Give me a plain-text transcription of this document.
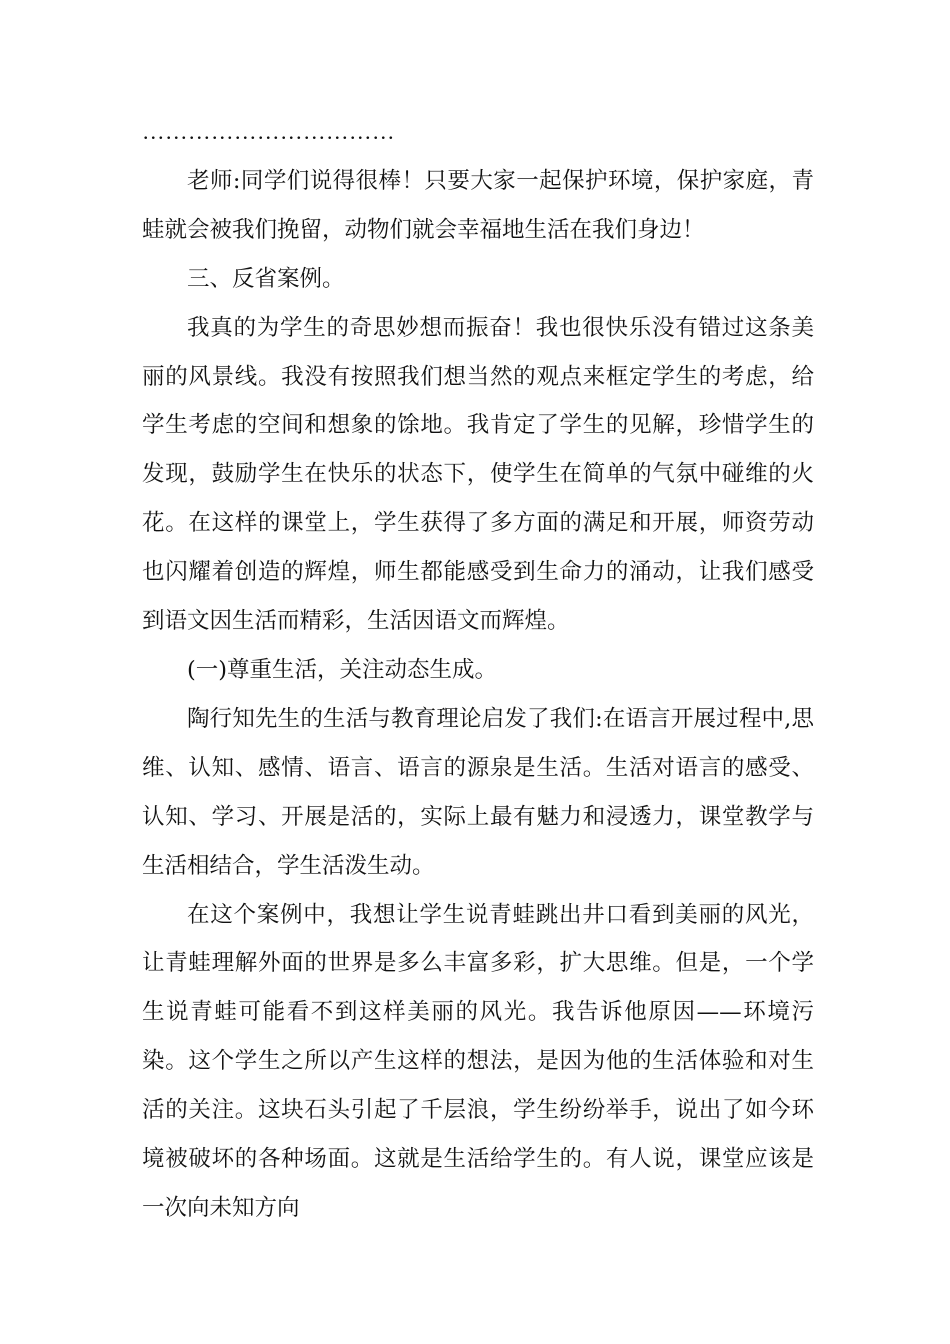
……………………………

老师:同学们说得很棒！只要大家一起保护环境，保护家庭，青蛙就会被我们挽留，动物们就会幸福地生活在我们身边！

三、反省案例。

我真的为学生的奇思妙想而振奋！我也很快乐没有错过这条美丽的风景线。我没有按照我们想当然的观点来框定学生的考虑，给学生考虑的空间和想象的馀地。我肯定了学生的见解，珍惜学生的发现，鼓励学生在快乐的状态下，使学生在简单的气氛中碰维的火花。在这样的课堂上，学生获得了多方面的满足和开展，师资劳动也闪耀着创造的辉煌，师生都能感受到生命力的涌动，让我们感受到语文因生活而精彩，生活因语文而辉煌。

(一)尊重生活，关注动态生成。

陶行知先生的生活与教育理论启发了我们:在语言开展过程中,思维、认知、感情、语言、语言的源泉是生活。生活对语言的感受、认知、学习、开展是活的，实际上最有魅力和浸透力，课堂教学与生活相结合，学生活泼生动。

在这个案例中，我想让学生说青蛙跳出井口看到美丽的风光，让青蛙理解外面的世界是多么丰富多彩，扩大思维。但是，一个学生说青蛙可能看不到这样美丽的风光。我告诉他原因——环境污染。这个学生之所以产生这样的想法，是因为他的生活体验和对生活的关注。这块石头引起了千层浪，学生纷纷举手，说出了如今环境被破坏的各种场面。这就是生活给学生的。有人说，课堂应该是一次向未知方向
